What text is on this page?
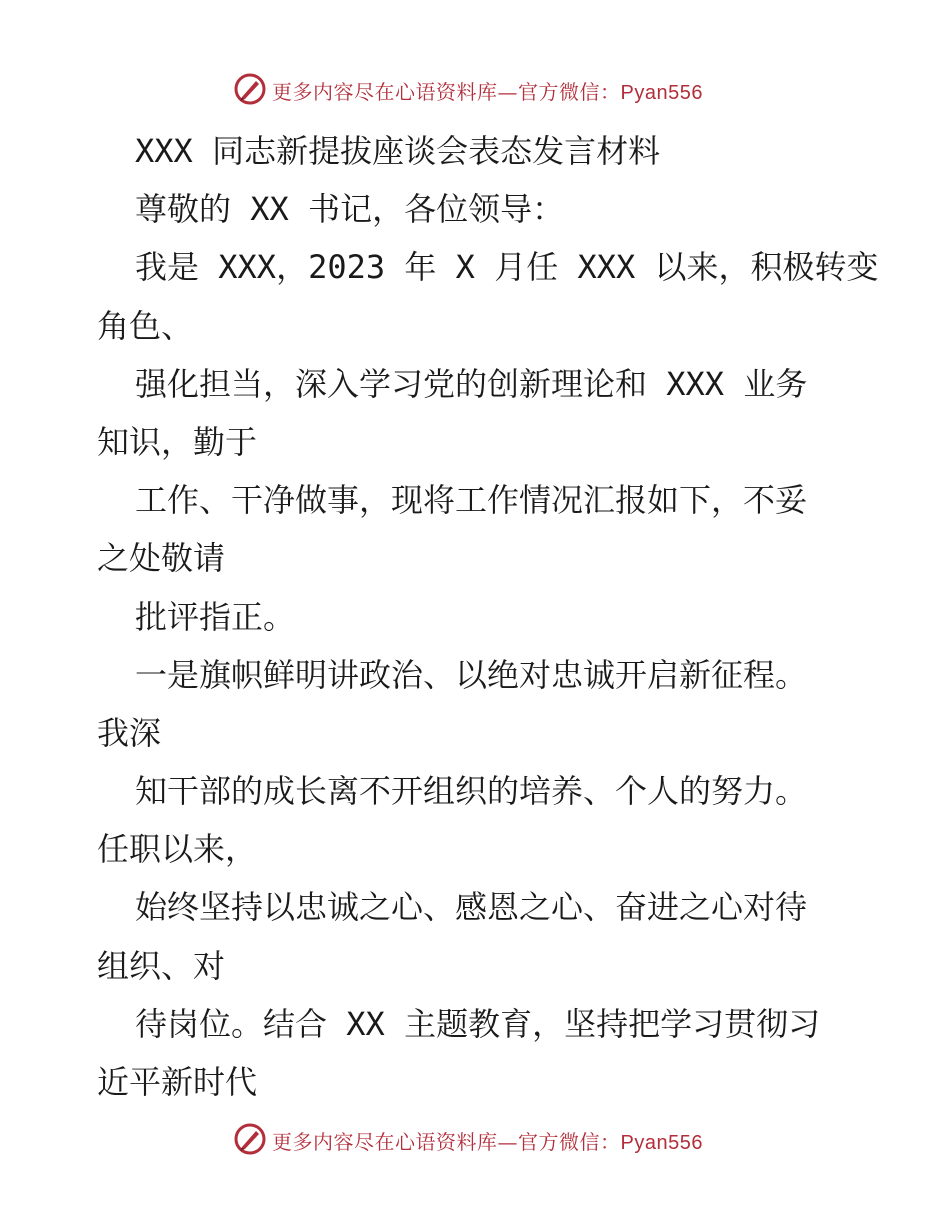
更多内容尽在心语资料库—官方微信：Pyan556
XXX 同志新提拔座谈会表态发言材料
尊敬的 XX 书记，各位领导：
我是 XXX，2023 年 X 月任 XXX 以来，积极转变
角色、
强化担当，深入学习党的创新理论和 XXX 业务
知识，勤于
工作、干净做事，现将工作情况汇报如下，不妥
之处敬请
批评指正。
一是旗帜鲜明讲政治、以绝对忠诚开启新征程。
我深
知干部的成长离不开组织的培养、个人的努力。
任职以来，
始终坚持以忠诚之心、感恩之心、奋进之心对待
组织、对
待岗位。结合 XX 主题教育，坚持把学习贯彻习
近平新时代
更多内容尽在心语资料库—官方微信：Pyan556
